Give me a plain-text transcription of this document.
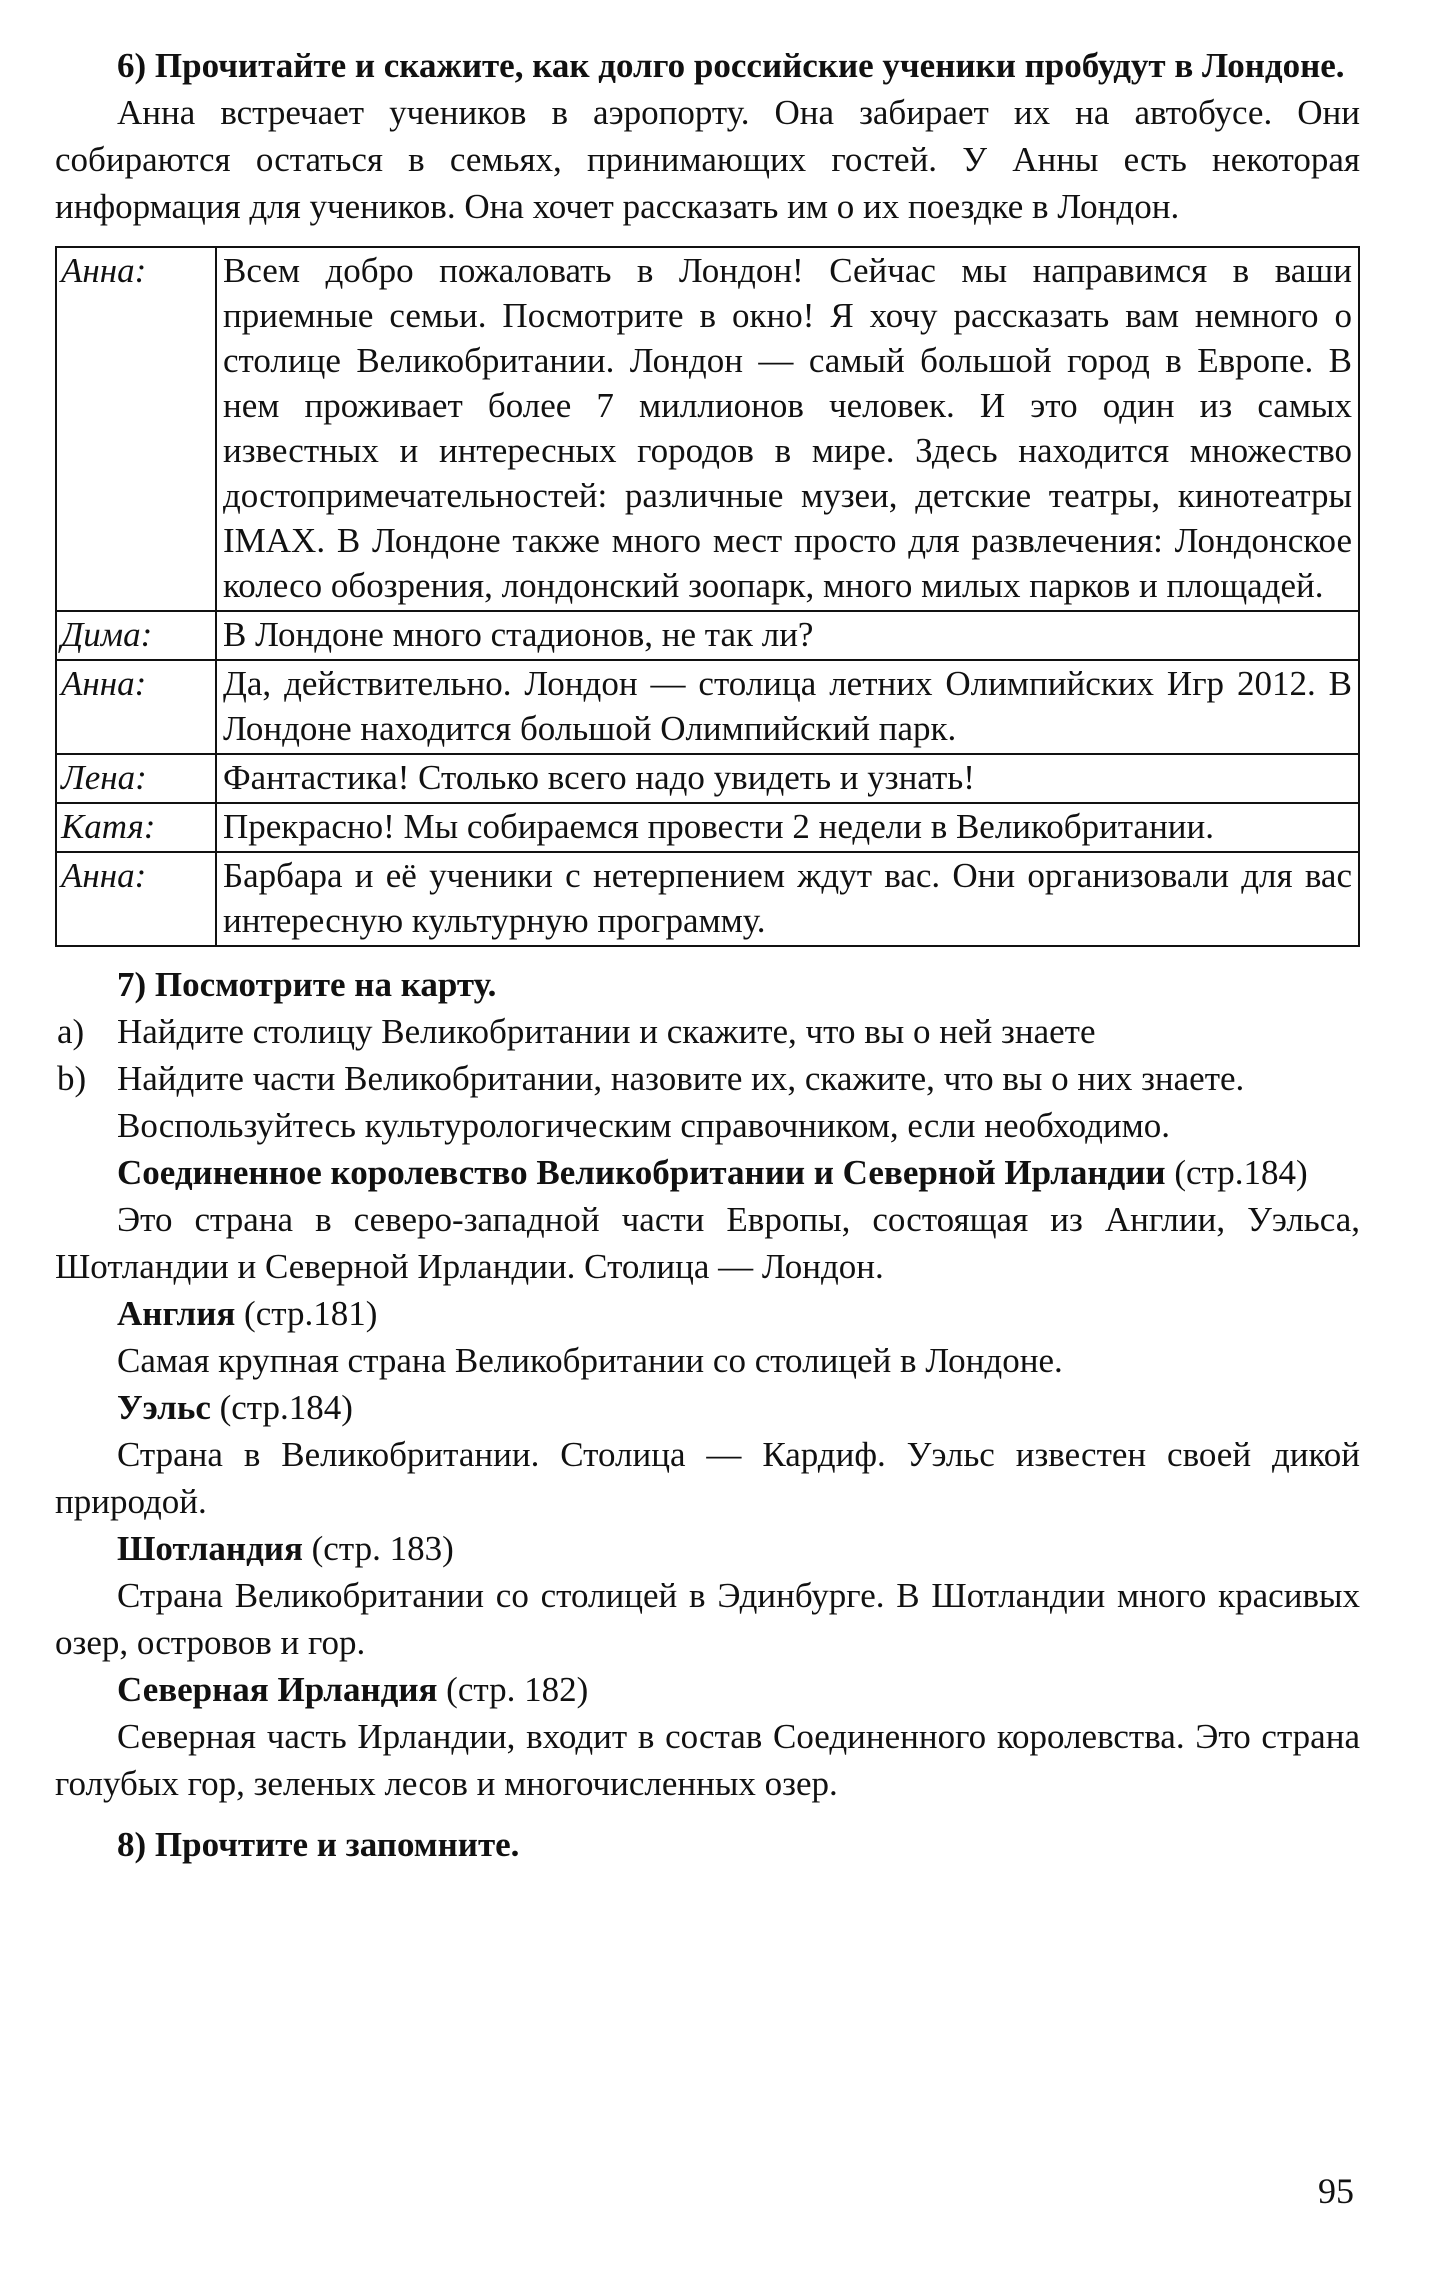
6) Прочитайте и скажите, как долго российские ученики пробудут в Лондоне.

Анна встречает учеников в аэропорту. Она забирает их на автобусе. Они собираются остаться в семьях, принимающих гостей. У Анны есть некоторая информация для учеников. Она хочет рассказать им о их поездке в Лондон.

Анна:	Всем добро пожаловать в Лондон! Сейчас мы направимся в ваши приемные семьи. Посмотрите в окно! Я хочу рассказать вам немного о столице Великобритании. Лондон — самый большой город в Европе. В нем проживает более 7 миллионов человек. И это один из самых известных и интересных городов в мире. Здесь находится множество достопримечательностей: различные музеи, детские театры, кинотеатры IMAX. В Лондоне также много мест просто для развлечения: Лондонское колесо обозрения, лондонский зоопарк, много милых парков и площадей.
Дима:	В Лондоне много стадионов, не так ли?
Анна:	Да, действительно. Лондон — столица летних Олимпийских Игр 2012. В Лондоне находится большой Олимпийский парк.
Лена:	Фантастика! Столько всего надо увидеть и узнать!
Катя:	Прекрасно! Мы собираемся провести 2 недели в Великобритании.
Анна:	Барбара и её ученики с нетерпением ждут вас. Они организовали для вас интересную культурную программу.

7) Посмотрите на карту.

a) Найдите столицу Великобритании и скажите, что вы о ней знаете
b) Найдите части Великобритании, назовите их, скажите, что вы о них знаете.

Воспользуйтесь культурологическим справочником, если необходимо.

Соединенное королевство Великобритании и Северной Ирландии (стр.184)

Это страна в северо-западной части Европы, состоящая из Англии, Уэльса, Шотландии и Северной Ирландии. Столица — Лондон.

Англия (стр.181)

Самая крупная страна Великобритании со столицей в Лондоне.

Уэльс (стр.184)

Страна в Великобритании. Столица — Кардиф. Уэльс известен своей дикой природой.

Шотландия (стр. 183)

Страна Великобритании со столицей в Эдинбурге. В Шотландии много красивых озер, островов и гор.

Северная Ирландия (стр. 182)

Северная часть Ирландии, входит в состав Соединенного королевства. Это страна голубых гор, зеленых лесов и многочисленных озер.

8) Прочтите и запомните.

95
